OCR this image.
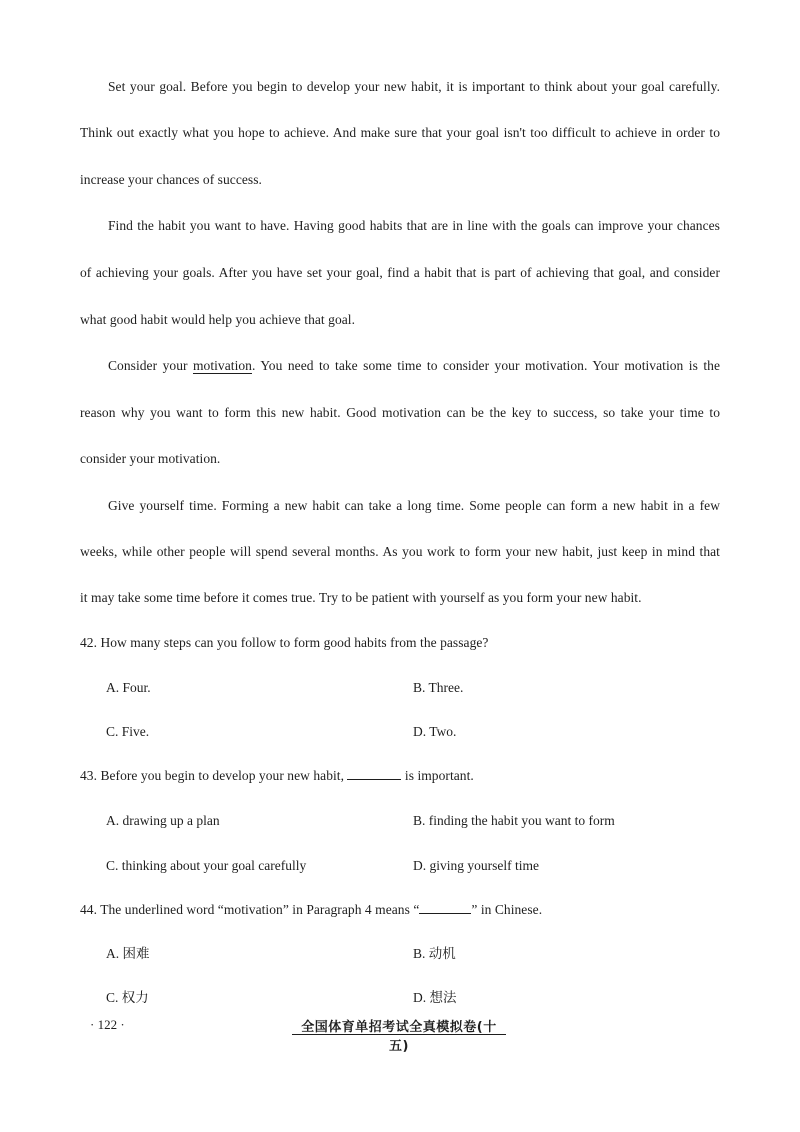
Set your goal. Before you begin to develop your new habit, it is important to think about your goal carefully.
Think out exactly what you hope to achieve. And make sure that your goal isn't too difficult to achieve in order to
increase your chances of success.
Find the habit you want to have. Having good habits that are in line with the goals can improve your chances
of achieving your goals. After you have set your goal, find a habit that is part of achieving that goal, and consider
what good habit would help you achieve that goal.
Consider your motivation. You need to take some time to consider your motivation. Your motivation is the
reason why you want to form this new habit. Good motivation can be the key to success, so take your time to
consider your motivation.
Give yourself time. Forming a new habit can take a long time. Some people can form a new habit in a few
weeks, while other people will spend several months. As you work to form your new habit, just keep in mind that
it may take some time before it comes true. Try to be patient with yourself as you form your new habit.
42. How many steps can you follow to form good habits from the passage?
A. Four.	B. Three.
C. Five.	D. Two.
43. Before you begin to develop your new habit,	is important.
A. drawing up a plan	B. finding the habit you want to form
C. thinking about your goal carefully	D. giving yourself time
44. The underlined word “motivation” in Paragraph 4 means “	” in Chinese.
A. 困难	B. 动机
C. 权力	D. 想法
· 122 ·	全国体育单招考试全真模拟卷(十五)
